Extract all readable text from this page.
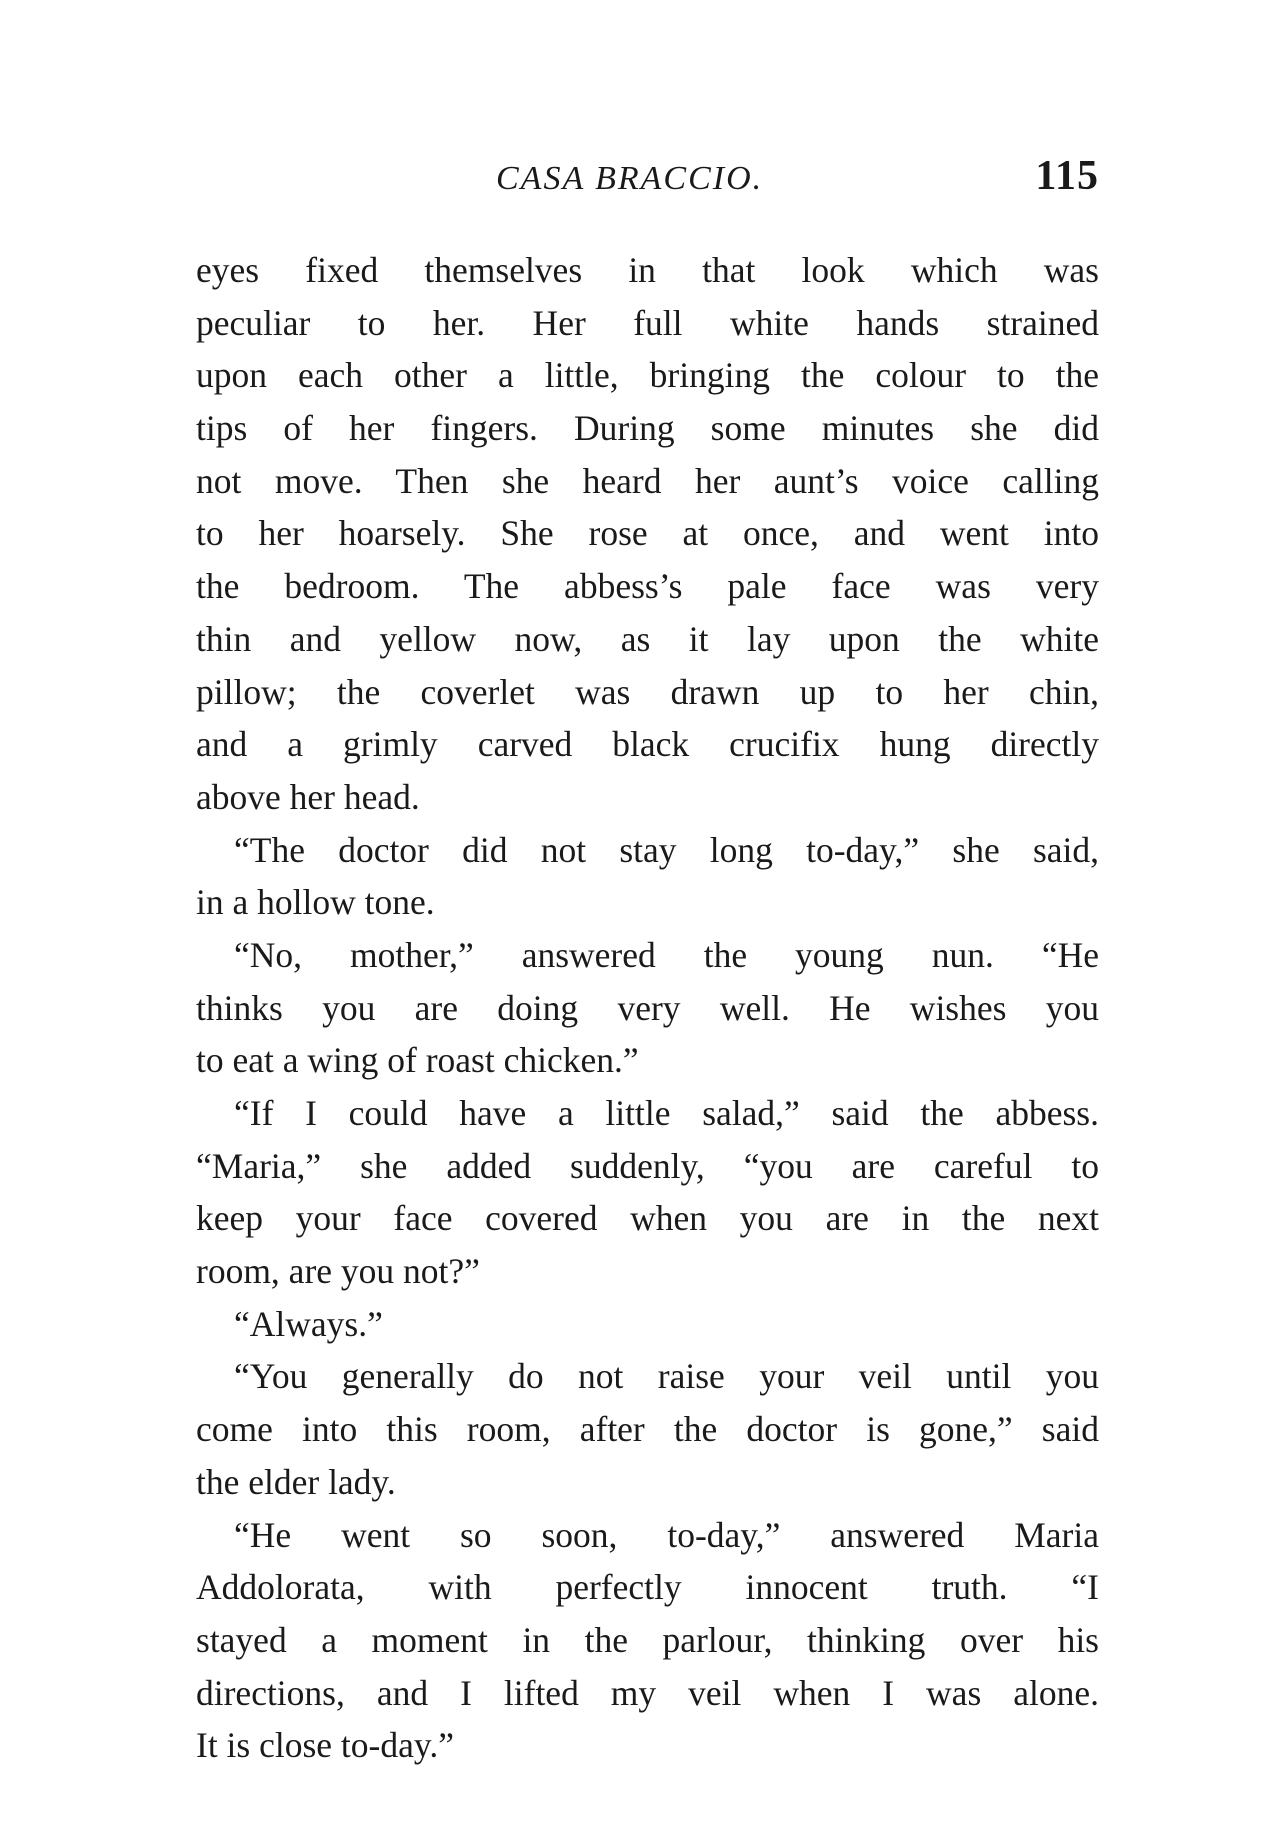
CASA BRACCIO.	115
eyes fixed themselves in that look which was
peculiar to her. Her full white hands strained
upon each other a little, bringing the colour to the
tips of her fingers. During some minutes she did
not move. Then she heard her aunt’s voice calling
to her hoarsely. She rose at once, and went into
the bedroom. The abbess’s pale face was very
thin and yellow now, as it lay upon the white
pillow; the coverlet was drawn up to her chin,
and a grimly carved black crucifix hung directly
above her head.
“The doctor did not stay long to-day,” she said,
in a hollow tone.
“No, mother,” answered the young nun. “He
thinks you are doing very well. He wishes you
to eat a wing of roast chicken.”
“If I could have a little salad,” said the abbess.
“Maria,” she added suddenly, “you are careful to
keep your face covered when you are in the next
room, are you not?”
“Always.”
“You generally do not raise your veil until you
come into this room, after the doctor is gone,” said
the elder lady.
“He went so soon, to-day,” answered Maria
Addolorata, with perfectly innocent truth. “I
stayed a moment in the parlour, thinking over his
directions, and I lifted my veil when I was alone.
It is close to-day.”
